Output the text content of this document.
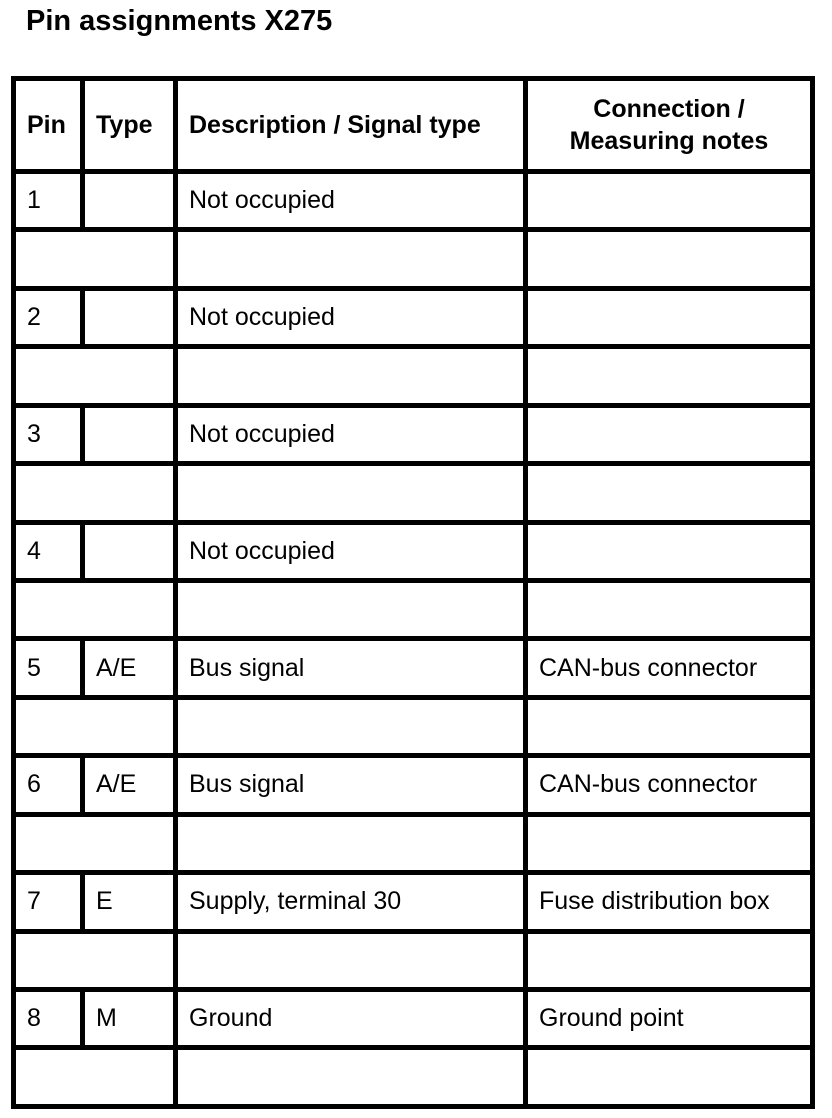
Pin assignments X275
Pin	Type	Description / Signal type	Connection /
Measuring notes
1		Not occupied	

2		Not occupied	

3		Not occupied	

4		Not occupied	

5	A/E	Bus signal	CAN-bus connector

6	A/E	Bus signal	CAN-bus connector

7	E	Supply, terminal 30	Fuse distribution box

8	M	Ground	Ground point
